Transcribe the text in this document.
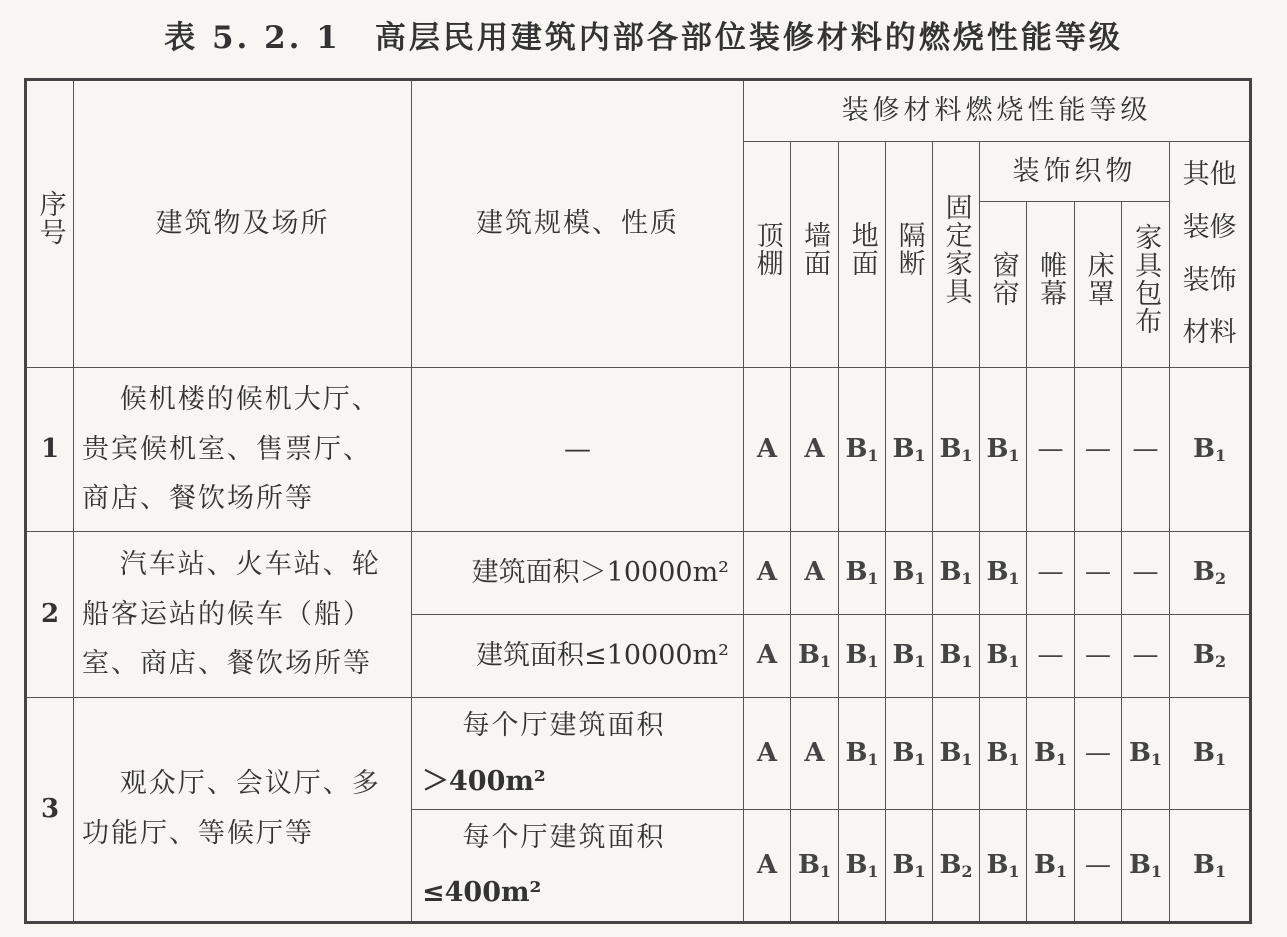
表 5. 2. 1　高层民用建筑内部各部位装修材料的燃烧性能等级
序号	建筑物及场所	建筑规模、性质	装修材料燃烧性能等级									
			顶棚	墙面	地面	隔断	固定家具	装饰织物				其他装修装饰材料
								窗帘	帷幕	床罩	家具包布	
1	候机楼的候机大厅、
贵宾候机室、售票厅、
商店、餐饮场所等	—	A	A	$B_1$	$B_1$	$B_1$	$B_1$	—	—	—	$B_1$
2	汽车站、火车站、轮
船客运站的候车（船）
室、商店、餐饮场所等	建筑面积＞10000m²	A	A	$B_1$	$B_1$	$B_1$	$B_1$	—	—	—	$B_2$
		建筑面积≤10000m²	A	$B_1$	$B_1$	$B_1$	$B_1$	$B_1$	—	—	—	$B_2$
3	观众厅、会议厅、多
功能厅、等候厅等	每个厅建筑面积
＞400m²	A	A	$B_1$	$B_1$	$B_1$	$B_1$	$B_1$	—	$B_1$	$B_1$

		每个厅建筑面积
≤400m²	A	$B_1$	$B_1$	$B_1$	$B_2$	$B_1$	$B_1$	—	$B_1$	$B_1$
